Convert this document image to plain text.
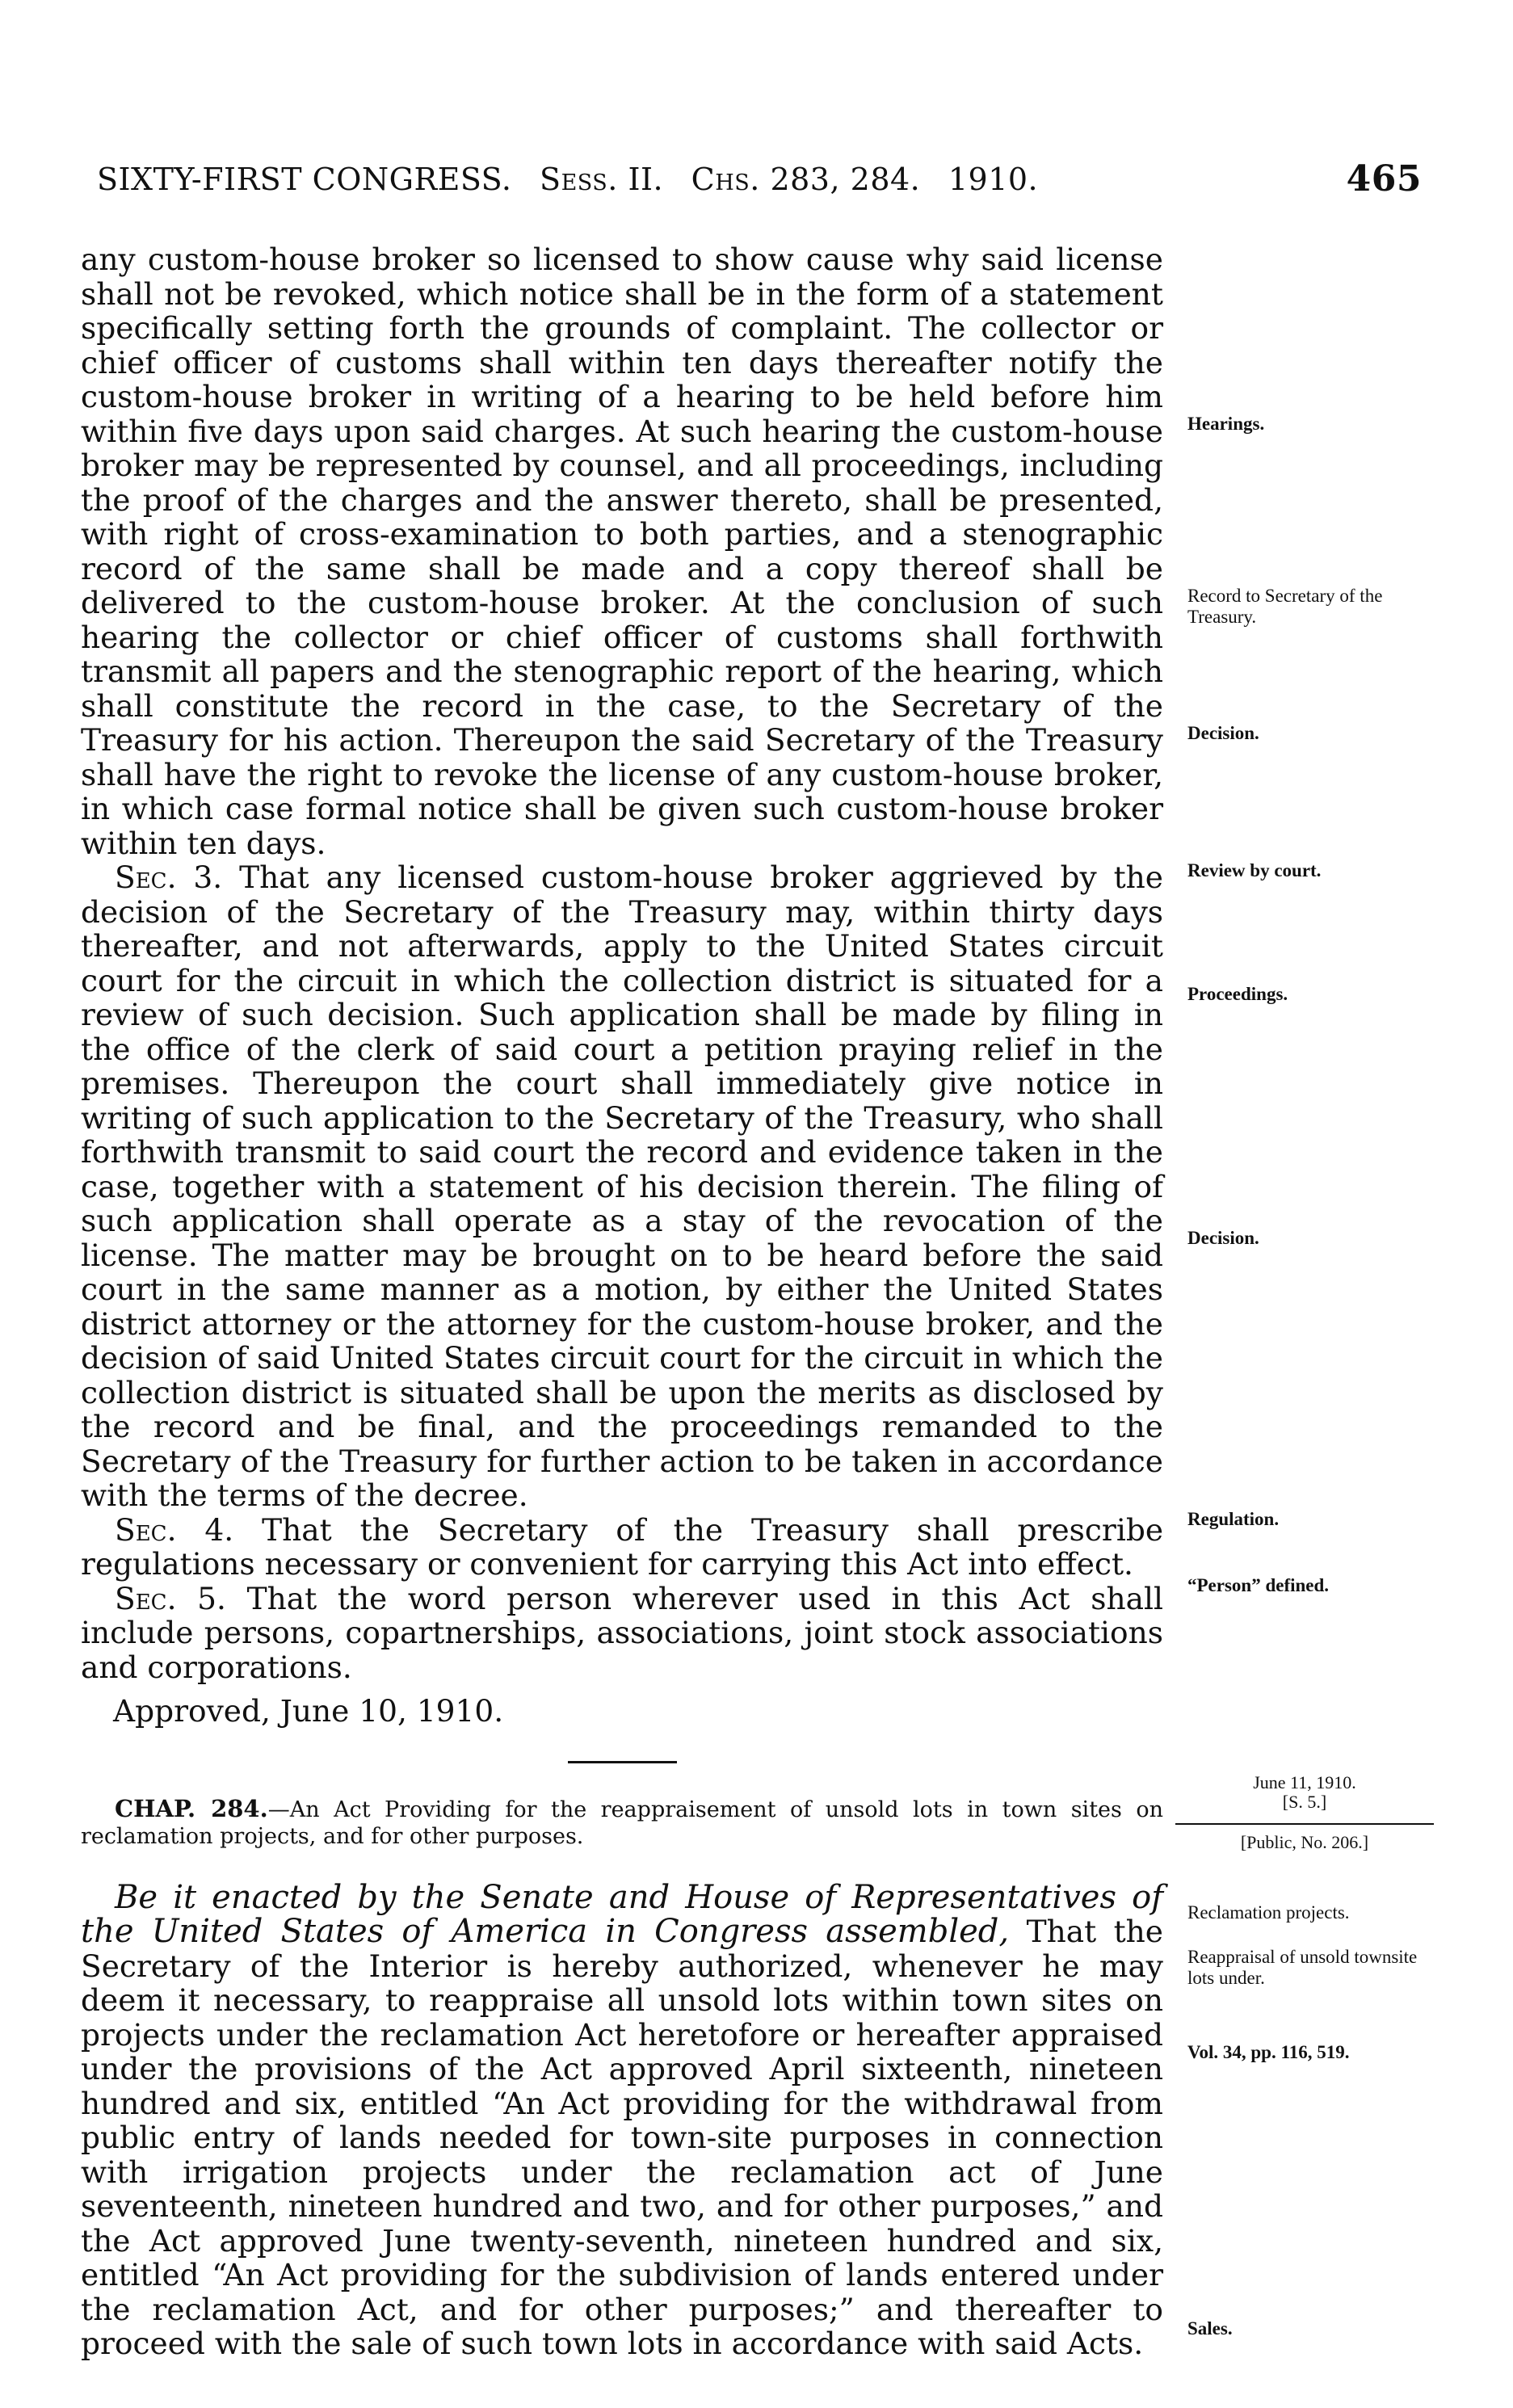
SIXTY-FIRST CONGRESS. Sess. II. Chs. 283, 284. 1910.	465

any custom-house broker so licensed to show cause why said license shall not be revoked, which notice shall be in the form of a statement specifically setting forth the grounds of complaint. The collector or chief officer of customs shall within ten days thereafter notify the custom-house broker in writing of a hearing to be held before him within five days upon said charges. At such hearing the custom-house broker may be represented by counsel, and all proceedings, including the proof of the charges and the answer thereto, shall be presented, with right of cross-examination to both parties, and a stenographic record of the same shall be made and a copy thereof shall be delivered to the custom-house broker. At the conclusion of such hearing the collector or chief officer of customs shall forthwith transmit all papers and the stenographic report of the hearing, which shall constitute the record in the case, to the Secretary of the Treasury for his action. Thereupon the said Secretary of the Treasury shall have the right to revoke the license of any custom-house broker, in which case formal notice shall be given such custom-house broker within ten days.

Sec. 3. That any licensed custom-house broker aggrieved by the decision of the Secretary of the Treasury may, within thirty days thereafter, and not afterwards, apply to the United States circuit court for the circuit in which the collection district is situated for a review of such decision. Such application shall be made by filing in the office of the clerk of said court a petition praying relief in the premises. Thereupon the court shall immediately give notice in writing of such application to the Secretary of the Treasury, who shall forthwith transmit to said court the record and evidence taken in the case, together with a statement of his decision therein. The filing of such application shall operate as a stay of the revocation of the license. The matter may be brought on to be heard before the said court in the same manner as a motion, by either the United States district attorney or the attorney for the custom-house broker, and the decision of said United States circuit court for the circuit in which the collection district is situated shall be upon the merits as disclosed by the record and be final, and the proceedings remanded to the Secretary of the Treasury for further action to be taken in accordance with the terms of the decree.

Sec. 4. That the Secretary of the Treasury shall prescribe regulations necessary or convenient for carrying this Act into effect.

Sec. 5. That the word person wherever used in this Act shall include persons, copartnerships, associations, joint stock associations and corporations.

Approved, June 10, 1910.

CHAP. 284.—An Act Providing for the reappraisement of unsold lots in town sites on reclamation projects, and for other purposes.

Be it enacted by the Senate and House of Representatives of the United States of America in Congress assembled, That the Secretary of the Interior is hereby authorized, whenever he may deem it necessary, to reappraise all unsold lots within town sites on projects under the reclamation Act heretofore or hereafter appraised under the provisions of the Act approved April sixteenth, nineteen hundred and six, entitled “An Act providing for the withdrawal from public entry of lands needed for town-site purposes in connection with irrigation projects under the reclamation act of June seventeenth, nineteen hundred and two, and for other purposes,” and the Act approved June twenty-seventh, nineteen hundred and six, entitled “An Act providing for the subdivision of lands entered under the reclamation Act, and for other purposes;” and thereafter to proceed with the sale of such town lots in accordance with said Acts.

Hearings.
Record to Secretary of the Treasury.
Decision.
Review by court.
Proceedings.
Decision.
Regulation.
“Person” defined.
June 11, 1910.
[S. 5.]
[Public, No. 206.]
Reclamation projects.
Reappraisal of unsold townsite lots under.
Vol. 34, pp. 116, 519.
Sales.
